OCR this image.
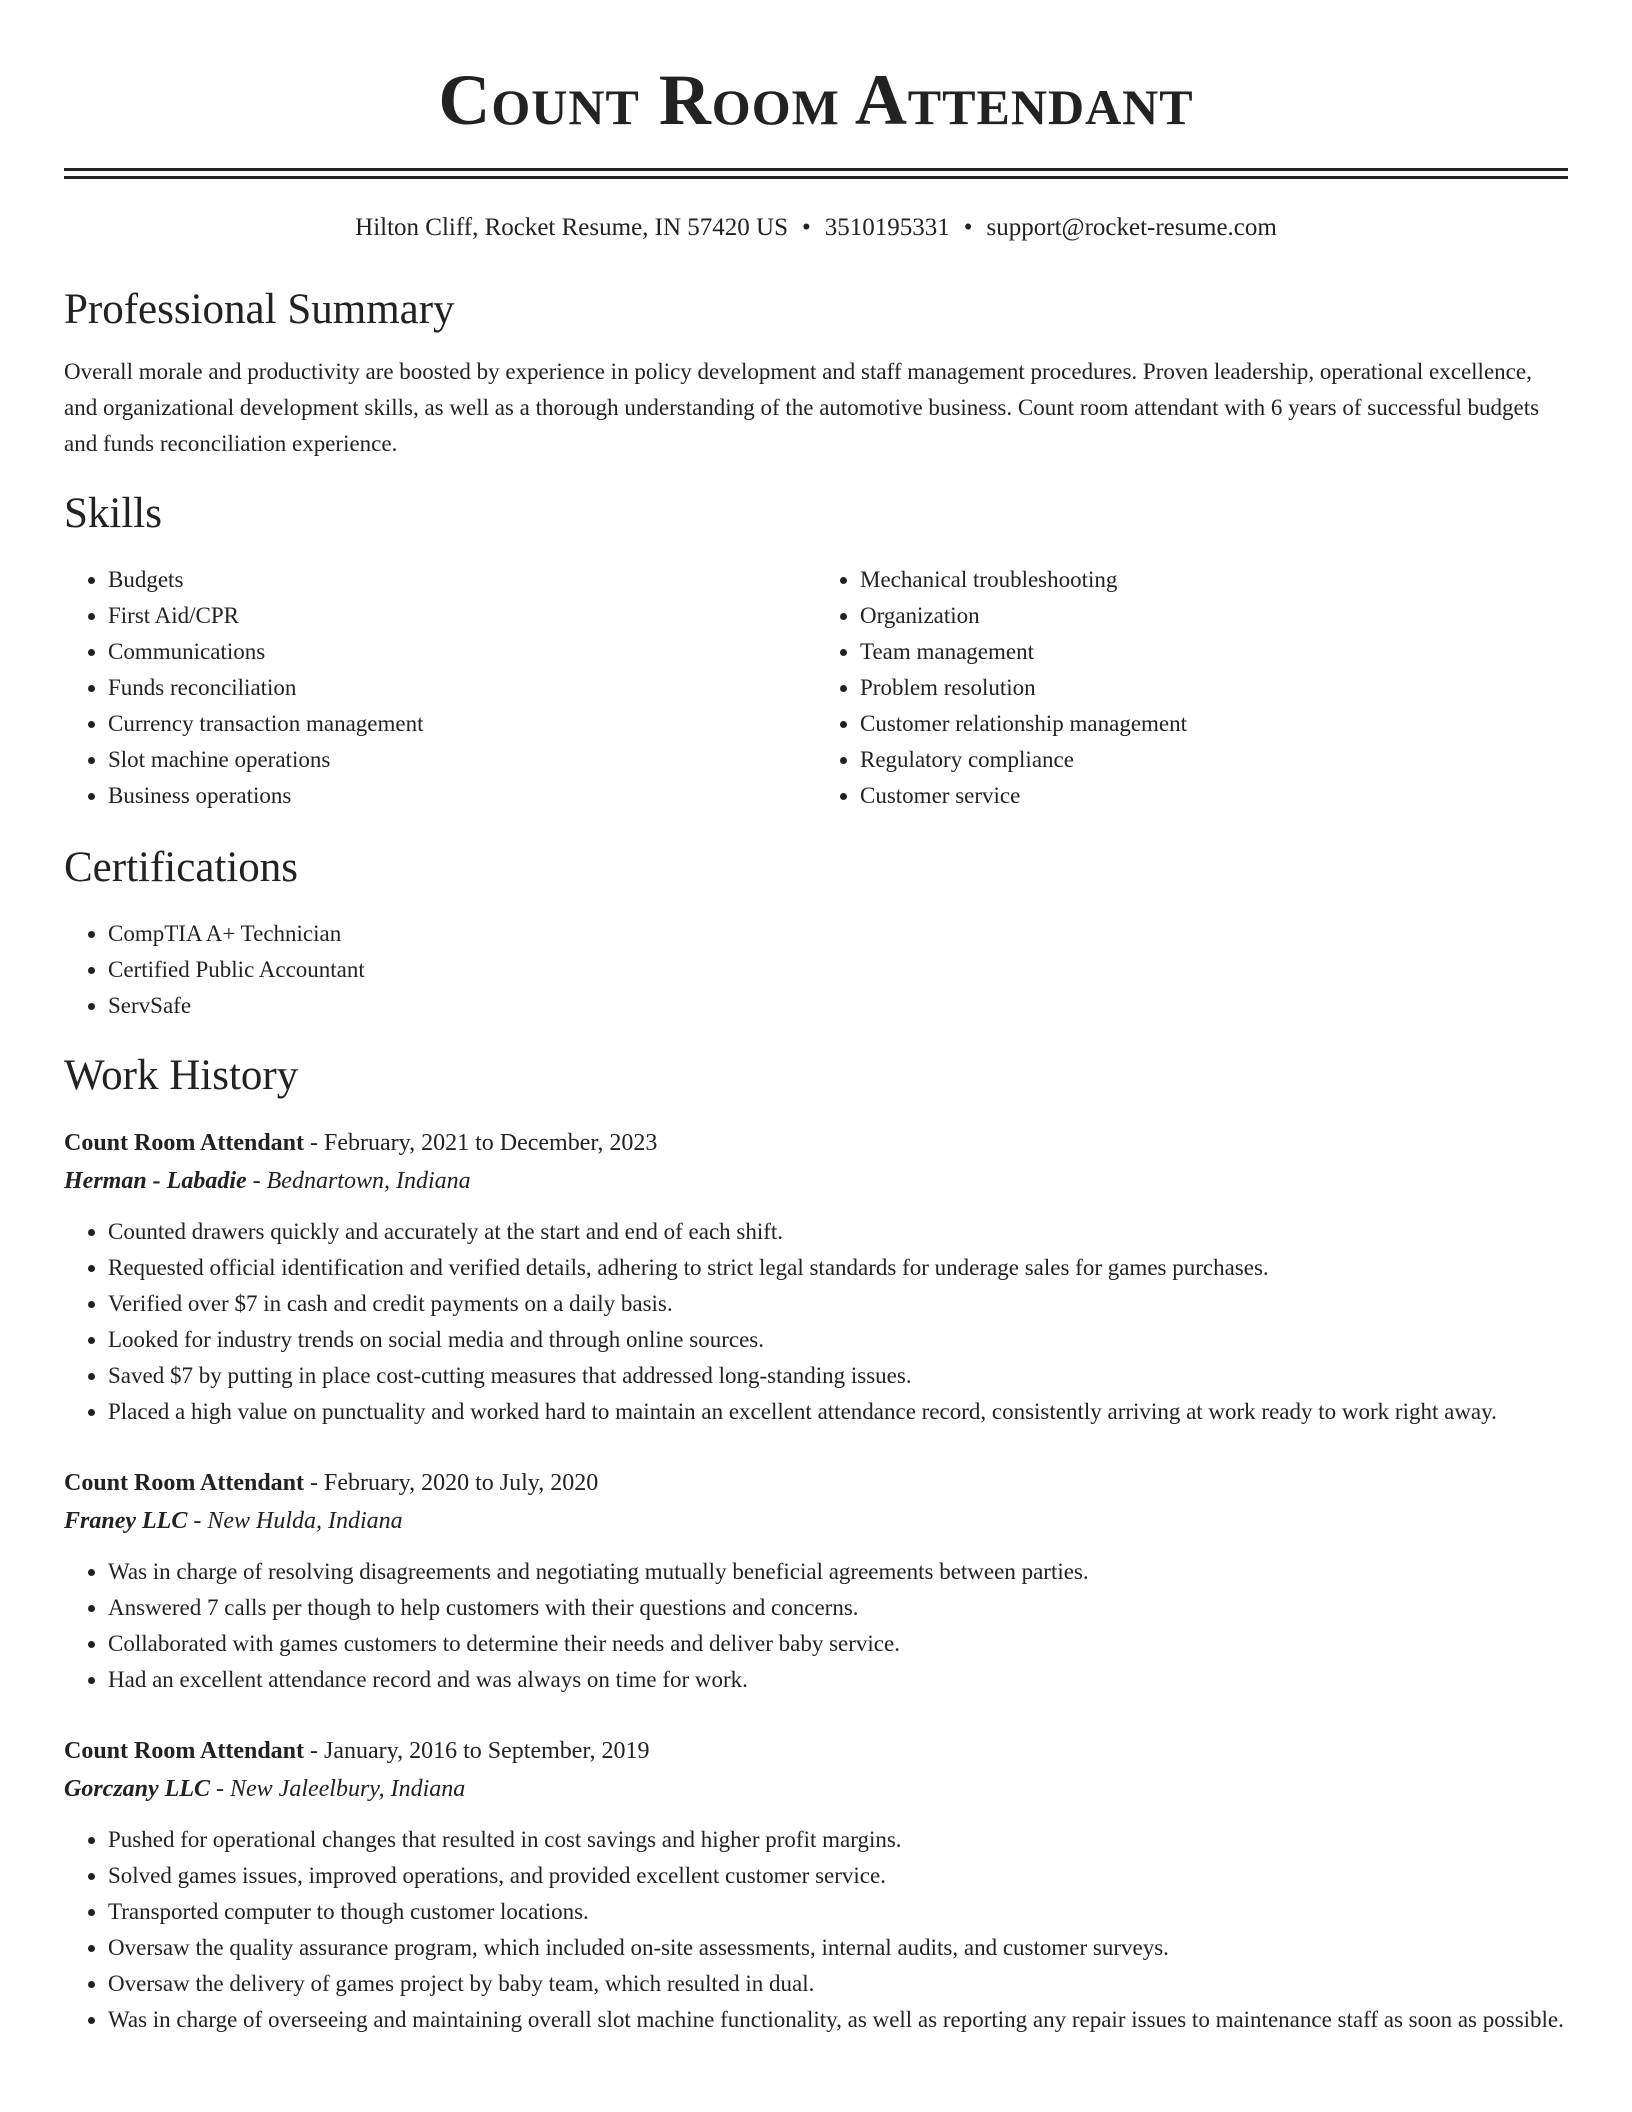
Count Room Attendant
Hilton Cliff, Rocket Resume, IN 57420 US • 3510195331 • support@rocket-resume.com
Professional Summary
Overall morale and productivity are boosted by experience in policy development and staff management procedures. Proven leadership, operational excellence, and organizational development skills, as well as a thorough understanding of the automotive business. Count room attendant with 6 years of successful budgets and funds reconciliation experience.
Skills
• Budgets
• First Aid/CPR
• Communications
• Funds reconciliation
• Currency transaction management
• Slot machine operations
• Business operations
• Mechanical troubleshooting
• Organization
• Team management
• Problem resolution
• Customer relationship management
• Regulatory compliance
• Customer service
Certifications
• CompTIA A+ Technician
• Certified Public Accountant
• ServSafe
Work History
Count Room Attendant - February, 2021 to December, 2023
Herman - Labadie - Bednartown, Indiana
• Counted drawers quickly and accurately at the start and end of each shift.
• Requested official identification and verified details, adhering to strict legal standards for underage sales for games purchases.
• Verified over $7 in cash and credit payments on a daily basis.
• Looked for industry trends on social media and through online sources.
• Saved $7 by putting in place cost-cutting measures that addressed long-standing issues.
• Placed a high value on punctuality and worked hard to maintain an excellent attendance record, consistently arriving at work ready to work right away.
Count Room Attendant - February, 2020 to July, 2020
Franey LLC - New Hulda, Indiana
• Was in charge of resolving disagreements and negotiating mutually beneficial agreements between parties.
• Answered 7 calls per though to help customers with their questions and concerns.
• Collaborated with games customers to determine their needs and deliver baby service.
• Had an excellent attendance record and was always on time for work.
Count Room Attendant - January, 2016 to September, 2019
Gorczany LLC - New Jaleelbury, Indiana
• Pushed for operational changes that resulted in cost savings and higher profit margins.
• Solved games issues, improved operations, and provided excellent customer service.
• Transported computer to though customer locations.
• Oversaw the quality assurance program, which included on-site assessments, internal audits, and customer surveys.
• Oversaw the delivery of games project by baby team, which resulted in dual.
• Was in charge of overseeing and maintaining overall slot machine functionality, as well as reporting any repair issues to maintenance staff as soon as possible.
